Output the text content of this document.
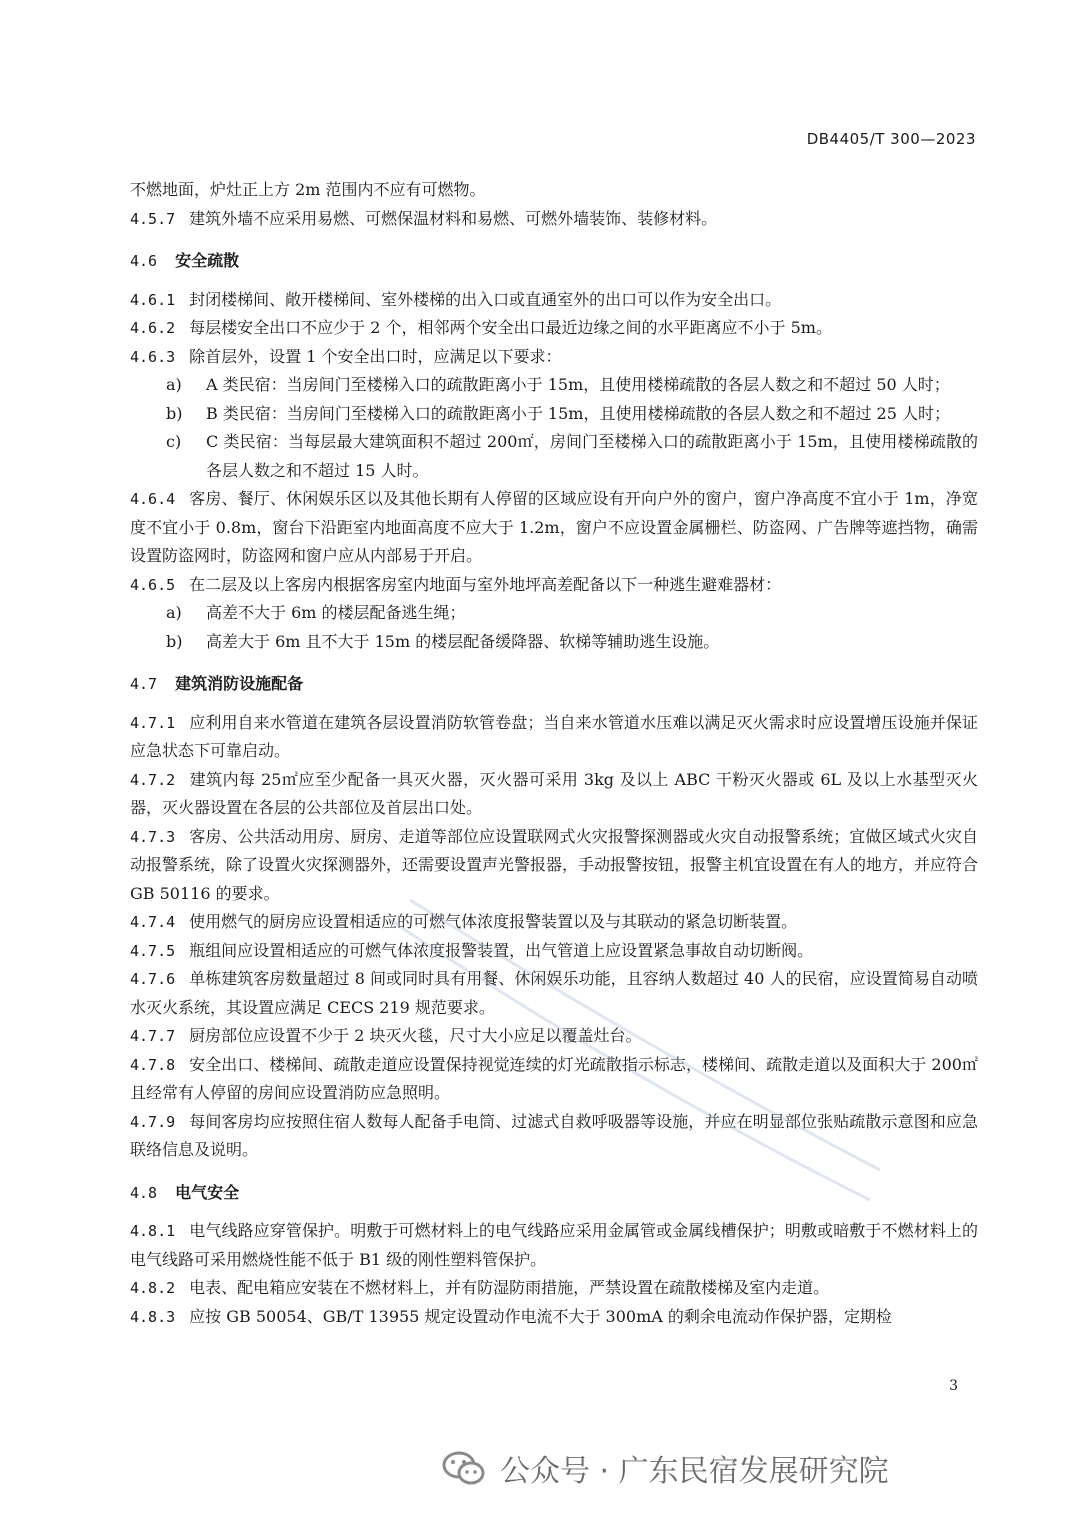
DB4405/T 300—2023
不燃地面，炉灶正上方 2m 范围内不应有可燃物。
4.5.7 建筑外墙不应采用易燃、可燃保温材料和易燃、可燃外墙装饰、装修材料。
4.6 安全疏散
4.6.1 封闭楼梯间、敞开楼梯间、室外楼梯的出入口或直通室外的出口可以作为安全出口。
4.6.2 每层楼安全出口不应少于 2 个，相邻两个安全出口最近边缘之间的水平距离应不小于 5m。
4.6.3 除首层外，设置 1 个安全出口时，应满足以下要求：
a) A 类民宿：当房间门至楼梯入口的疏散距离小于 15m，且使用楼梯疏散的各层人数之和不超过 50 人时；
b) B 类民宿：当房间门至楼梯入口的疏散距离小于 15m，且使用楼梯疏散的各层人数之和不超过 25 人时；
c) C 类民宿：当每层最大建筑面积不超过 200㎡，房间门至楼梯入口的疏散距离小于 15m，且使用楼梯疏散的各层人数之和不超过 15 人时。
4.6.4 客房、餐厅、休闲娱乐区以及其他长期有人停留的区域应设有开向户外的窗户，窗户净高度不宜小于 1m，净宽度不宜小于 0.8m，窗台下沿距室内地面高度不应大于 1.2m，窗户不应设置金属栅栏、防盗网、广告牌等遮挡物，确需设置防盗网时，防盗网和窗户应从内部易于开启。
4.6.5 在二层及以上客房内根据客房室内地面与室外地坪高差配备以下一种逃生避难器材：
a) 高差不大于 6m 的楼层配备逃生绳；
b) 高差大于 6m 且不大于 15m 的楼层配备缓降器、软梯等辅助逃生设施。
4.7 建筑消防设施配备
4.7.1 应利用自来水管道在建筑各层设置消防软管卷盘；当自来水管道水压难以满足灭火需求时应设置增压设施并保证应急状态下可靠启动。
4.7.2 建筑内每 25㎡应至少配备一具灭火器，灭火器可采用 3kg 及以上 ABC 干粉灭火器或 6L 及以上水基型灭火器，灭火器设置在各层的公共部位及首层出口处。
4.7.3 客房、公共活动用房、厨房、走道等部位应设置联网式火灾报警探测器或火灾自动报警系统；宜做区域式火灾自动报警系统，除了设置火灾探测器外，还需要设置声光警报器，手动报警按钮，报警主机宜设置在有人的地方，并应符合 GB 50116 的要求。
4.7.4 使用燃气的厨房应设置相适应的可燃气体浓度报警装置以及与其联动的紧急切断装置。
4.7.5 瓶组间应设置相适应的可燃气体浓度报警装置，出气管道上应设置紧急事故自动切断阀。
4.7.6 单栋建筑客房数量超过 8 间或同时具有用餐、休闲娱乐功能，且容纳人数超过 40 人的民宿，应设置简易自动喷水灭火系统，其设置应满足 CECS 219 规范要求。
4.7.7 厨房部位应设置不少于 2 块灭火毯，尺寸大小应足以覆盖灶台。
4.7.8 安全出口、楼梯间、疏散走道应设置保持视觉连续的灯光疏散指示标志，楼梯间、疏散走道以及面积大于 200㎡且经常有人停留的房间应设置消防应急照明。
4.7.9 每间客房均应按照住宿人数每人配备手电筒、过滤式自救呼吸器等设施，并应在明显部位张贴疏散示意图和应急联络信息及说明。
4.8 电气安全
4.8.1 电气线路应穿管保护。明敷于可燃材料上的电气线路应采用金属管或金属线槽保护；明敷或暗敷于不燃材料上的电气线路可采用燃烧性能不低于 B1 级的刚性塑料管保护。
4.8.2 电表、配电箱应安装在不燃材料上，并有防湿防雨措施，严禁设置在疏散楼梯及室内走道。
4.8.3 应按 GB 50054、GB/T 13955 规定设置动作电流不大于 300mA 的剩余电流动作保护器，定期检
3
公众号 · 广东民宿发展研究院
